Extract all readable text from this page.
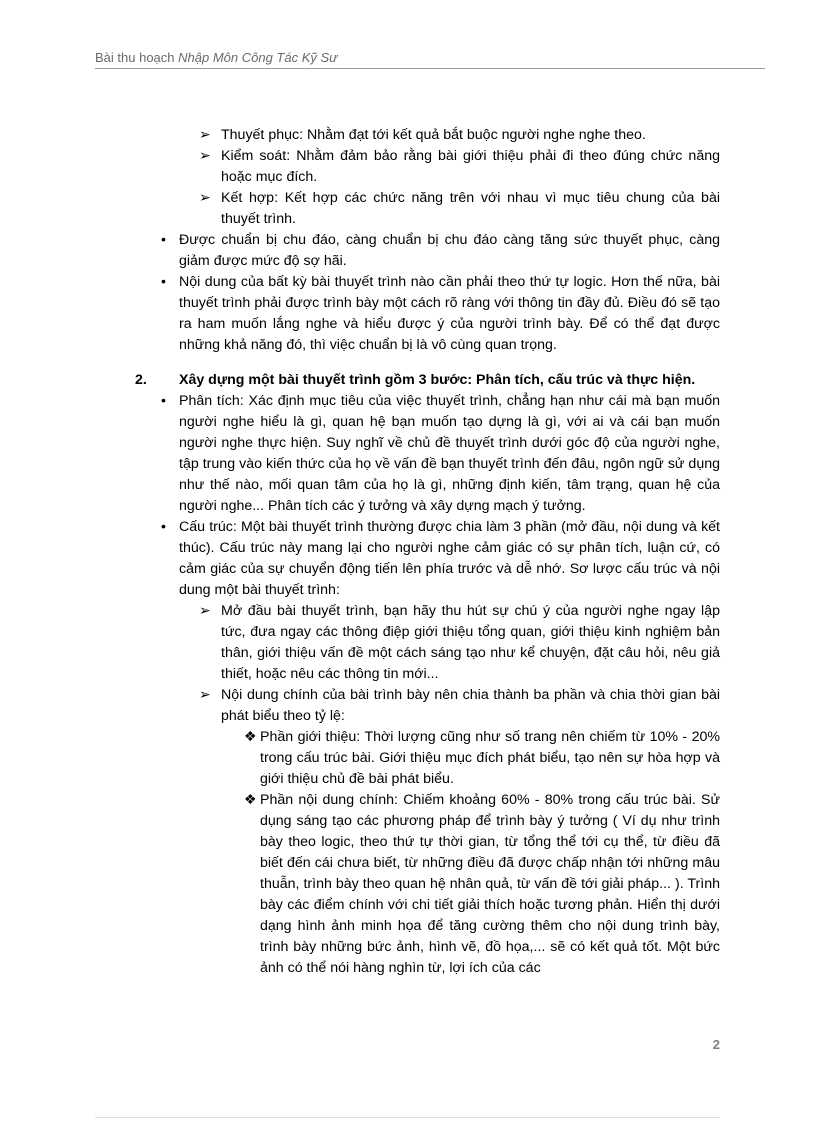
Bài thu hoạch Nhập Môn Công Tác Kỹ Sư
➢ Thuyết phục: Nhằm đạt tới kết quả bắt buộc người nghe nghe theo.
➢ Kiểm soát: Nhằm đảm bảo rằng bài giới thiệu phải đi theo đúng chức năng hoặc mục đích.
➢ Kết hợp: Kết hợp các chức năng trên với nhau vì mục tiêu chung của bài thuyết trình.
• Được chuẩn bị chu đáo, càng chuẩn bị chu đáo càng tăng sức thuyết phục, càng giảm được mức độ sợ hãi.
• Nội dung của bất kỳ bài thuyết trình nào cần phải theo thứ tự logic. Hơn thế nữa, bài thuyết trình phải được trình bày một cách rõ ràng với thông tin đầy đủ. Điều đó sẽ tạo ra ham muốn lắng nghe và hiểu được ý của người trình bày. Để có thể đạt được những khả năng đó, thì việc chuẩn bị là vô cùng quan trọng.
2. Xây dựng một bài thuyết trình gồm 3 bước: Phân tích, cấu trúc và thực hiện.
• Phân tích: Xác định mục tiêu của việc thuyết trình, chẳng hạn như cái mà bạn muốn người nghe hiểu là gì, quan hệ bạn muốn tạo dựng là gì, với ai và cái bạn muốn người nghe thực hiện. Suy nghĩ về chủ đề thuyết trình dưới góc độ của người nghe, tập trung vào kiến thức của họ về vấn đề bạn thuyết trình đến đâu, ngôn ngữ sử dụng như thế nào, mối quan tâm của họ là gì, những định kiến, tâm trạng, quan hệ của người nghe... Phân tích các ý tưởng và xây dựng mạch ý tưởng.
• Cấu trúc: Một bài thuyết trình thường được chia làm 3 phần (mở đầu, nội dung và kết thúc). Cấu trúc này mang lại cho người nghe cảm giác có sự phân tích, luận cứ, có cảm giác của sự chuyển động tiến lên phía trước và dễ nhớ. Sơ lược cấu trúc và nội dung một bài thuyết trình:
➢ Mở đầu bài thuyết trình, bạn hãy thu hút sự chú ý của người nghe ngay lập tức, đưa ngay các thông điệp giới thiệu tổng quan, giới thiệu kinh nghiệm bản thân, giới thiệu vấn đề một cách sáng tạo như kể chuyện, đặt câu hỏi, nêu giả thiết, hoặc nêu các thông tin mới...
➢ Nội dung chính của bài trình bày nên chia thành ba phần và chia thời gian bài phát biểu theo tỷ lệ:
❖ Phần giới thiệu: Thời lượng cũng như số trang nên chiếm từ 10% - 20% trong cấu trúc bài. Giới thiệu mục đích phát biểu, tạo nên sự hòa hợp và giới thiệu chủ đề bài phát biểu.
❖ Phần nội dung chính: Chiếm khoảng 60% - 80% trong cấu trúc bài. Sử dụng sáng tạo các phương pháp để trình bày ý tưởng ( Ví dụ như trình bày theo logic, theo thứ tự thời gian, từ tổng thể tới cụ thể, từ điều đã biết đến cái chưa biết, từ những điều đã được chấp nhận tới những mâu thuẫn, trình bày theo quan hệ nhân quả, từ vấn đề tới giải pháp... ). Trình bày các điểm chính với chi tiết giải thích hoặc tương phản. Hiển thị dưới dạng hình ảnh minh họa để tăng cường thêm cho nội dung trình bày, trình bày những bức ảnh, hình vẽ, đồ họa,... sẽ có kết quả tốt. Một bức ảnh có thể nói hàng nghìn từ, lợi ích của các
2
